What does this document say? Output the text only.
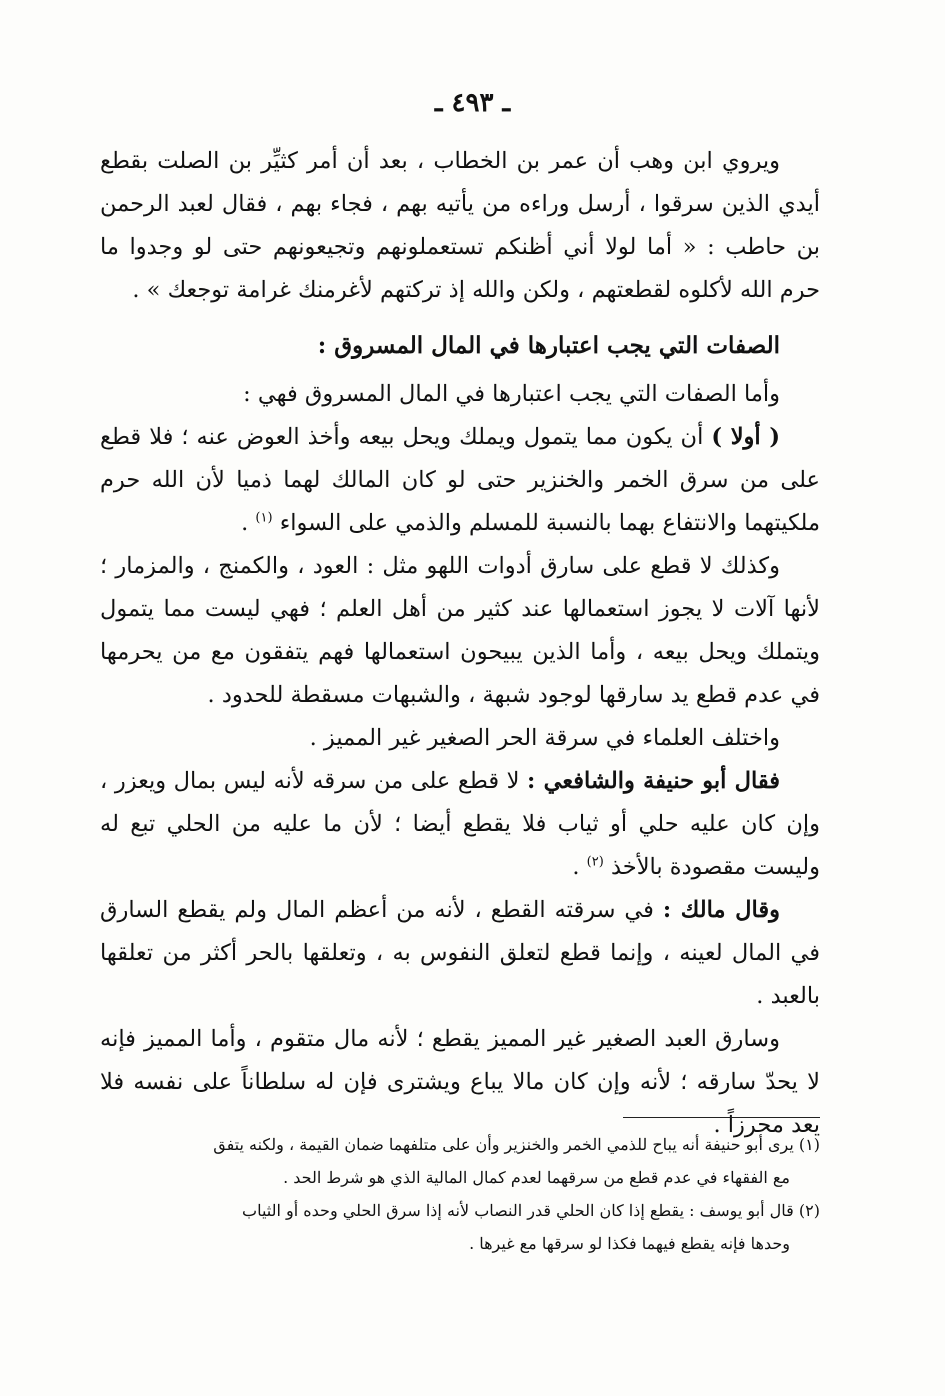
ـ ٤٩٣ ـ

ويروي ابن وهب أن عمر بن الخطاب ، بعد أن أمر كثيِّر بن الصلت بقطع أيدي الذين سرقوا ، أرسل وراءه من يأتيه بهم ، فجاء بهم ، فقال لعبد الرحمن بن حاطب : « أما لولا أني أظنكم تستعملونهم وتجيعونهم حتى لو وجدوا ما حرم الله لأكلوه لقطعتهم ، ولكن والله إذ تركتهم لأغرمنك غرامة توجعك » .

الصفات التي يجب اعتبارها في المال المسروق :

وأما الصفات التي يجب اعتبارها في المال المسروق فهي :

( أولا ) أن يكون مما يتمول ويملك ويحل بيعه وأخذ العوض عنه ؛ فلا قطع على من سرق الخمر والخنزير حتى لو كان المالك لهما ذميا لأن الله حرم ملكيتهما والانتفاع بهما بالنسبة للمسلم والذمي على السواء $^{(١)}$ .

وكذلك لا قطع على سارق أدوات اللهو مثل : العود ، والكمنج ، والمزمار ؛ لأنها آلات لا يجوز استعمالها عند كثير من أهل العلم ؛ فهي ليست مما يتمول ويتملك ويحل بيعه ، وأما الذين يبيحون استعمالها فهم يتفقون مع من يحرمها في عدم قطع يد سارقها لوجود شبهة ، والشبهات مسقطة للحدود .

واختلف العلماء في سرقة الحر الصغير غير المميز .

فقال أبو حنيفة والشافعي : لا قطع على من سرقه لأنه ليس بمال ويعزر ، وإن كان عليه حلي أو ثياب فلا يقطع أيضا ؛ لأن ما عليه من الحلي تبع له وليست مقصودة بالأخذ $^{(٢)}$ .

وقال مالك : في سرقته القطع ، لأنه من أعظم المال ولم يقطع السارق في المال لعينه ، وإنما قطع لتعلق النفوس به ، وتعلقها بالحر أكثر من تعلقها بالعبد .

وسارق العبد الصغير غير المميز يقطع ؛ لأنه مال متقوم ، وأما المميز فإنه لا يحدّ سارقه ؛ لأنه وإن كان مالا يباع ويشترى فإن له سلطاناً على نفسه فلا يعد محرزاً .

(١) يرى أبو حنيفة أنه يباح للذمي الخمر والخنزير وأن على متلفهما ضمان القيمة ، ولكنه يتفق

مع الفقهاء في عدم قطع من سرقهما لعدم كمال المالية الذي هو شرط الحد .

(٢) قال أبو يوسف : يقطع إذا كان الحلي قدر النصاب لأنه إذا سرق الحلي وحده أو الثياب

وحدها فإنه يقطع فيهما فكذا لو سرقها مع غيرها .
